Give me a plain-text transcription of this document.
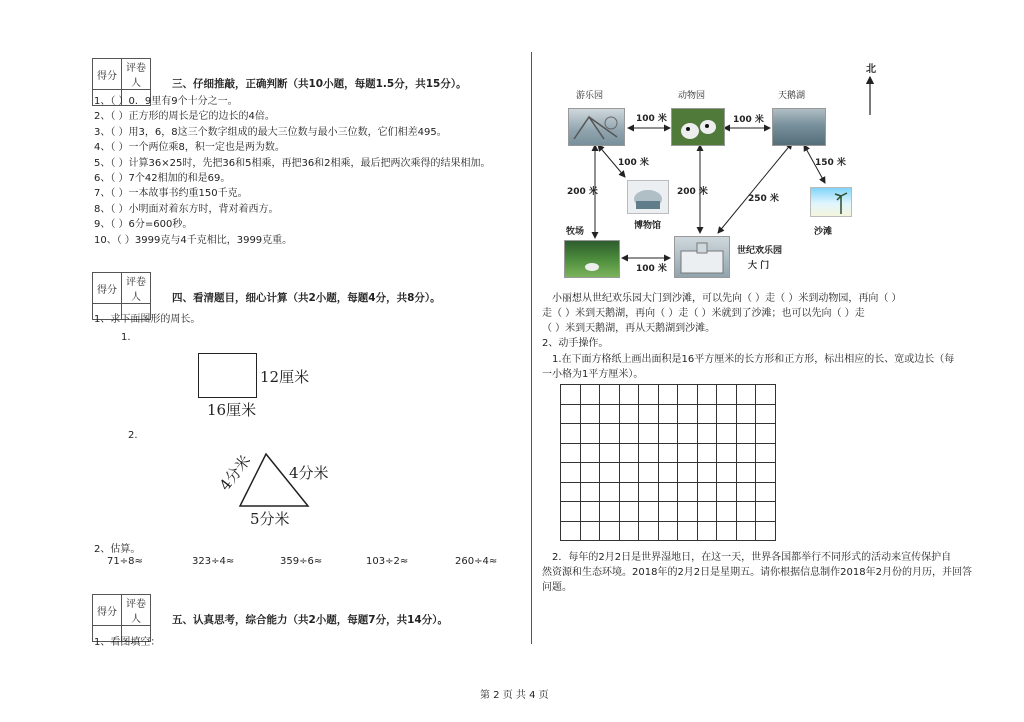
得分	评卷人
		三、仔细推敲，正确判断（共10小题，每题1.5分，共15分）。
1、（ ）0．9里有9个十分之一。
2、（ ）正方形的周长是它的边长的4倍。
3、（ ）用3，6，8这三个数字组成的最大三位数与最小三位数，它们相差495。
4、（ ）一个两位乘8，积一定也是两为数。
5、（ ）计算36×25时，先把36和5相乘，再把36和2相乘，最后把两次乘得的结果相加。
6、（ ）7个42相加的和是69。
7、（ ）一本故事书约重150千克。
8、（ ）小明面对着东方时，背对着西方。
9、（ ）6分=600秒。
10、（ ）3999克与4千克相比，3999克重。
得分	评卷人
		四、看清题目，细心计算（共2小题，每题4分，共8分）。
1、求下面图形的周长。
1.
12厘米
16厘米
2.
4分米 4分米
5分米
2、估算。
71÷8≈	323÷4≈	359÷6≈	103÷2≈	260÷4≈
得分	评卷人
		五、认真思考，综合能力（共2小题，每题7分，共14分）。
1、看图填空：
北
游乐园	动物园	天鹅湖
博物馆
沙滩
牧场
世纪欢乐园
大 门
100 米	100 米
100 米
200 米	200 米
250 米
150 米
100 米
小丽想从世纪欢乐园大门到沙滩，可以先向（ ）走（ ）米到动物园，再向（ ）
走（ ）米到天鹅湖，再向（ ）走（ ）米就到了沙滩；也可以先向（ ）走
（ ）米到天鹅湖，再从天鹅湖到沙滩。
2、动手操作。
1.在下面方格纸上画出面积是16平方厘米的长方形和正方形，标出相应的长、宽或边长（每
一小格为1平方厘米）。

2．每年的2月2日是世界湿地日，在这一天，世界各国都举行不同形式的活动来宣传保护自
然资源和生态环境。2018年的2月2日是星期五。请你根据信息制作2018年2月份的月历，并回答
问题。
第 2 页 共 4 页
